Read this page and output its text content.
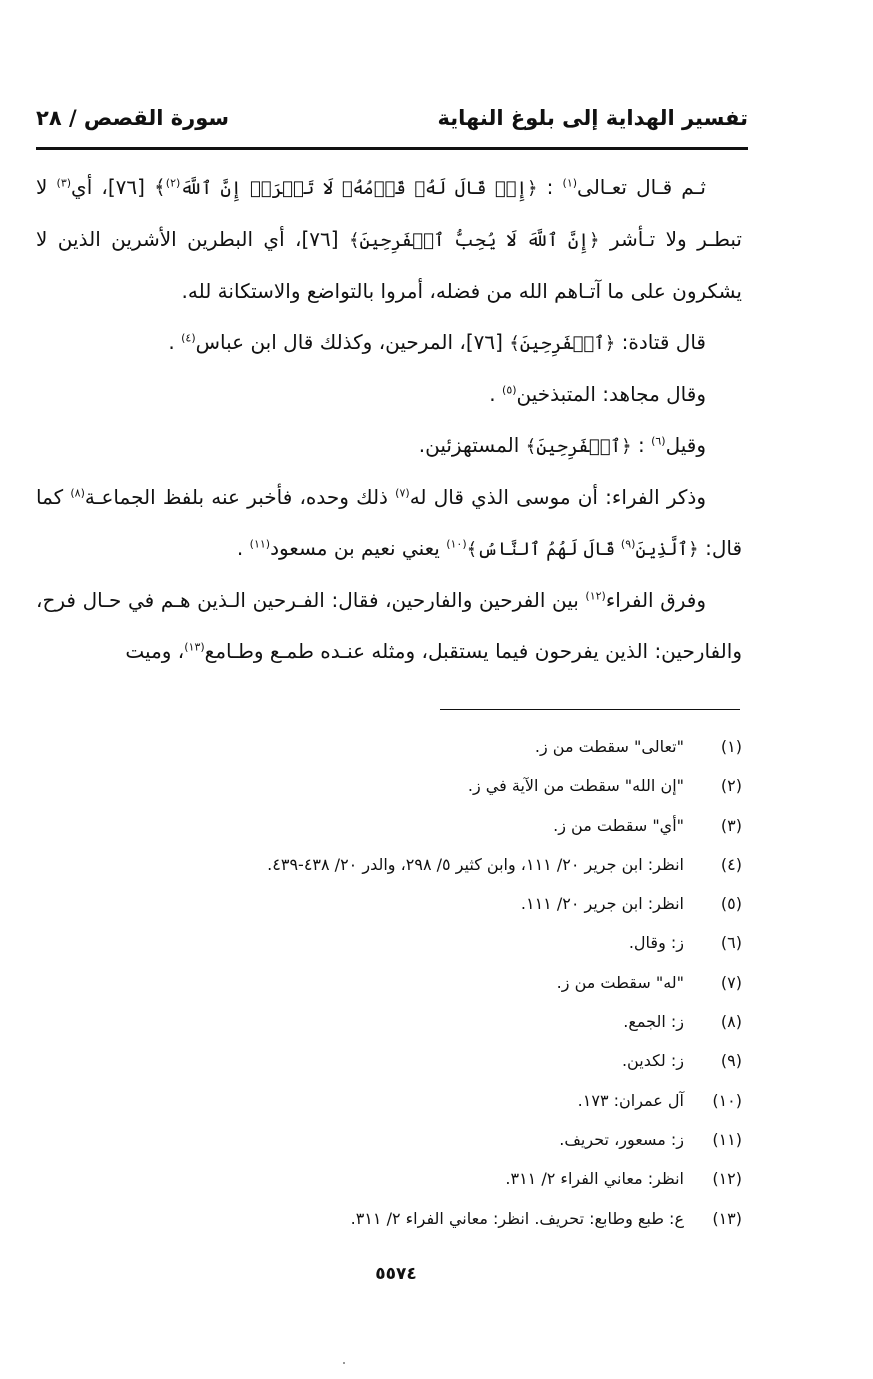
تفسير الهداية إلى بلوغ النهاية
سورة القصص / ٢٨

ثـم قـال تعـالى$^{(١)}$ : ﴿إِذۡ قَالَ لَهُۥ قَوۡمُهُۥ لَا تَفۡرَحۡ إِنَّ ٱللَّهَ$^{(٢)}$﴾ [٧٦]، أي$^{(٣)}$ لا تبطـر ولا تـأشر ﴿إِنَّ ٱللَّهَ لَا يُحِبُّ ٱلۡفَرِحِينَ﴾ [٧٦]، أي البطرين الأشرين الذين لا يشكرون على ما آتـاهم الله من فضله، أمروا بالتواضع والاستكانة لله.

قال قتادة: ﴿ٱلۡفَرِحِينَ﴾ [٧٦]، المرحين، وكذلك قال ابن عباس$^{(٤)}$ .

وقال مجاهد: المتبذخين$^{(٥)}$ .

وقيل$^{(٦)}$ : ﴿ٱلۡفَرِحِينَ﴾ المستهزئين.

وذكر الفراء: أن موسى الذي قال له$^{(٧)}$ ذلك وحده، فأخبر عنه بلفظ الجماعـة$^{(٨)}$ كما قال: ﴿ٱلَّذِينَ$^{(٩)}$ قَالَ لَهُمُ ٱلنَّاسُ﴾$^{(١٠)}$ يعني نعيم بن مسعود$^{(١١)}$ .

وفرق الفراء$^{(١٢)}$ بين الفرحين والفارحين، فقال: الفـرحين الـذين هـم في حـال فرح، والفارحين: الذين يفرحون فيما يستقبل، ومثله عنـده طمـع وطـامع$^{(١٣)}$، وميت

(١)
"تعالى" سقطت من ز.
(٢)
"إن الله" سقطت من الآية في ز.
(٣)
"أي" سقطت من ز.
(٤)
انظر: ابن جرير ٢٠/ ١١١، وابن كثير ٥/ ٢٩٨، والدر ٢٠/ ٤٣٨-٤٣٩.
(٥)
انظر: ابن جرير ٢٠/ ١١١.
(٦)
ز: وقال.
(٧)
"له" سقطت من ز.
(٨)
ز: الجمع.
(٩)
ز: لكدين.
(١٠)
آل عمران: ١٧٣.
(١١)
ز: مسعور، تحريف.
(١٢)
انظر: معاني الفراء ٢/ ٣١١.
(١٣)
ع: طبع وطابع: تحريف. انظر: معاني الفراء ٢/ ٣١١.
٥٥٧٤
